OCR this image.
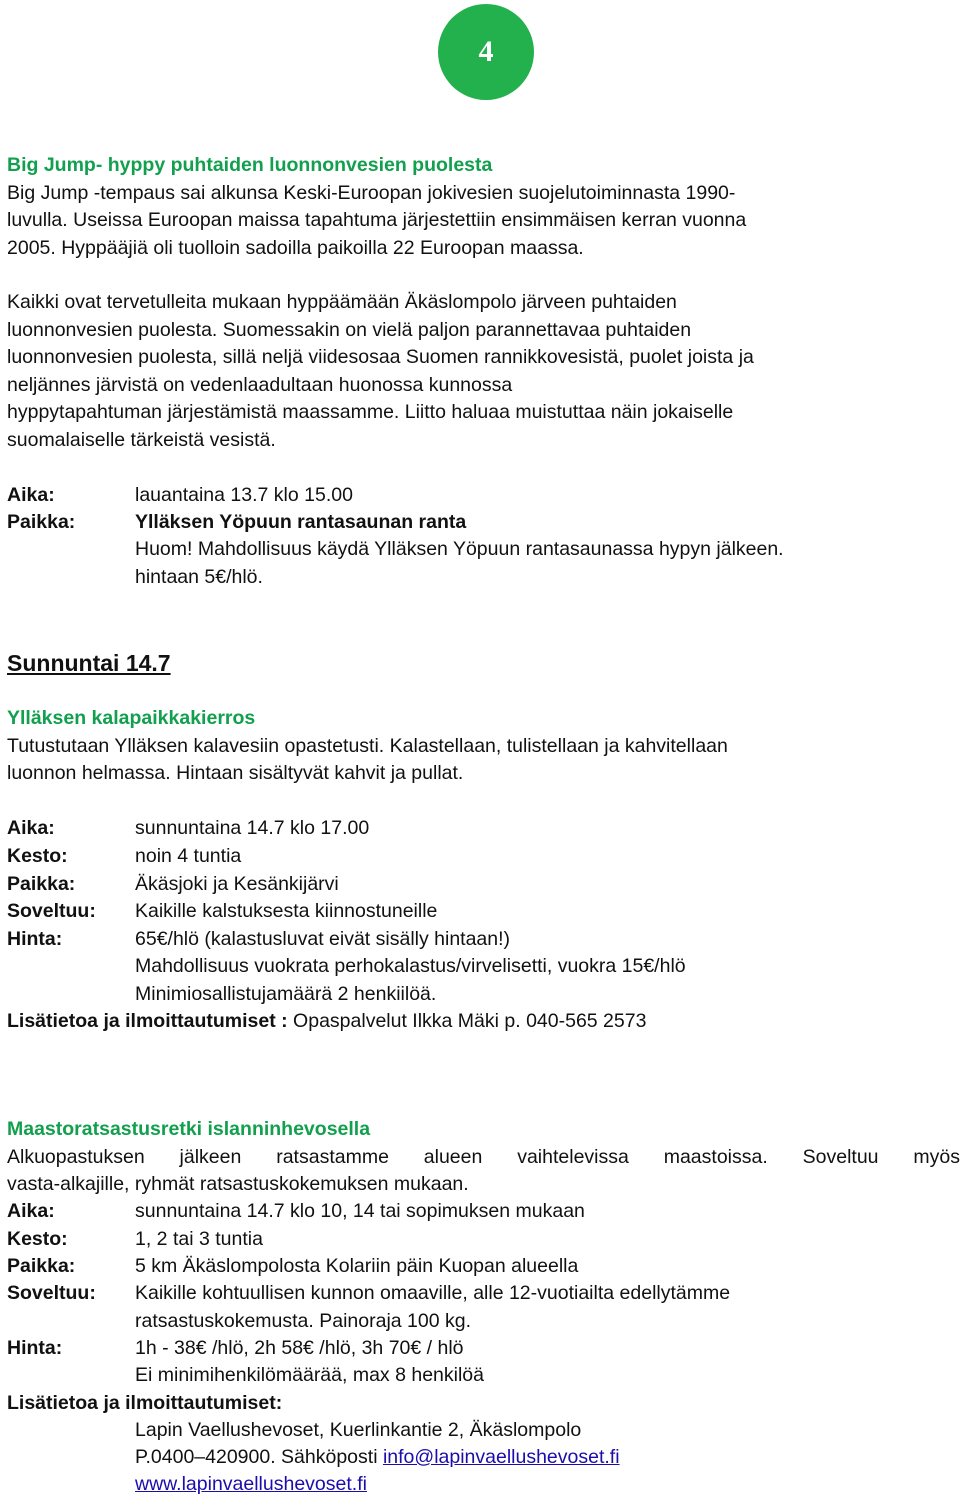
4
Big Jump- hyppy puhtaiden luonnonvesien puolesta
Big Jump -tempaus sai alkunsa Keski-Euroopan jokivesien suojelutoiminnasta 1990-
luvulla. Useissa Euroopan maissa tapahtuma järjestettiin ensimmäisen kerran vuonna
2005. Hyppääjiä oli tuolloin sadoilla paikoilla 22 Euroopan maassa.
Kaikki ovat tervetulleita mukaan hyppäämään Äkäslompolo järveen puhtaiden
luonnonvesien puolesta. Suomessakin on vielä paljon parannettavaa puhtaiden
luonnonvesien puolesta, sillä neljä viidesosaa Suomen rannikkovesistä, puolet joista ja
neljännes järvistä on vedenlaadultaan huonossa kunnossa
hyppytapahtuman järjestämistä maassamme. Liitto haluaa muistuttaa näin jokaiselle
suomalaiselle tärkeistä vesistä.
Aika:	lauantaina 13.7 klo 15.00
Paikka:	Ylläksen Yöpuun rantasaunan ranta
Huom! Mahdollisuus käydä Ylläksen Yöpuun rantasaunassa hypyn jälkeen.
hintaan 5€/hlö.
Sunnuntai 14.7
Ylläksen kalapaikkakierros
Tutustutaan Ylläksen kalavesiin opastetusti. Kalastellaan, tulistellaan ja kahvitellaan
luonnon helmassa. Hintaan sisältyvät kahvit ja pullat.
Aika:	sunnuntaina 14.7 klo 17.00
Kesto:	noin 4 tuntia
Paikka:	Äkäsjoki ja Kesänkijärvi
Soveltuu: Kaikille kalstuksesta kiinnostuneille
Hinta:	65€/hlö (kalastusluvat eivät sisälly hintaan!)
Mahdollisuus vuokrata perhokalastus/virvelisetti, vuokra 15€/hlö
Minimiosallistujamäärä 2 henkiilöä.
Lisätietoa ja ilmoittautumiset : Opaspalvelut Ilkka Mäki p. 040-565 2573
Maastoratsastusretki islanninhevosella
Alkuopastuksen jälkeen ratsastamme alueen vaihtelevissa maastoissa. Soveltuu myös
vasta-alkajille, ryhmät ratsastuskokemuksen mukaan.
Aika:	sunnuntaina 14.7 klo 10, 14 tai sopimuksen mukaan
Kesto:	1, 2 tai 3 tuntia
Paikka:	5 km Äkäslompolosta Kolariin päin Kuopan alueella
Soveltuu: Kaikille kohtuullisen kunnon omaaville, alle 12-vuotiailta edellytämme
ratsastuskokemusta. Painoraja 100 kg.
Hinta:	1h - 38€ /hlö, 2h 58€ /hlö, 3h 70€ / hlö
Ei minimihenkilömäärää, max 8 henkilöä
Lisätietoa ja ilmoittautumiset:
Lapin Vaellushevoset, Kuerlinkantie 2, Äkäslompolo
P.0400–420900. Sähköposti info@lapinvaellushevoset.fi
www.lapinvaellushevoset.fi
